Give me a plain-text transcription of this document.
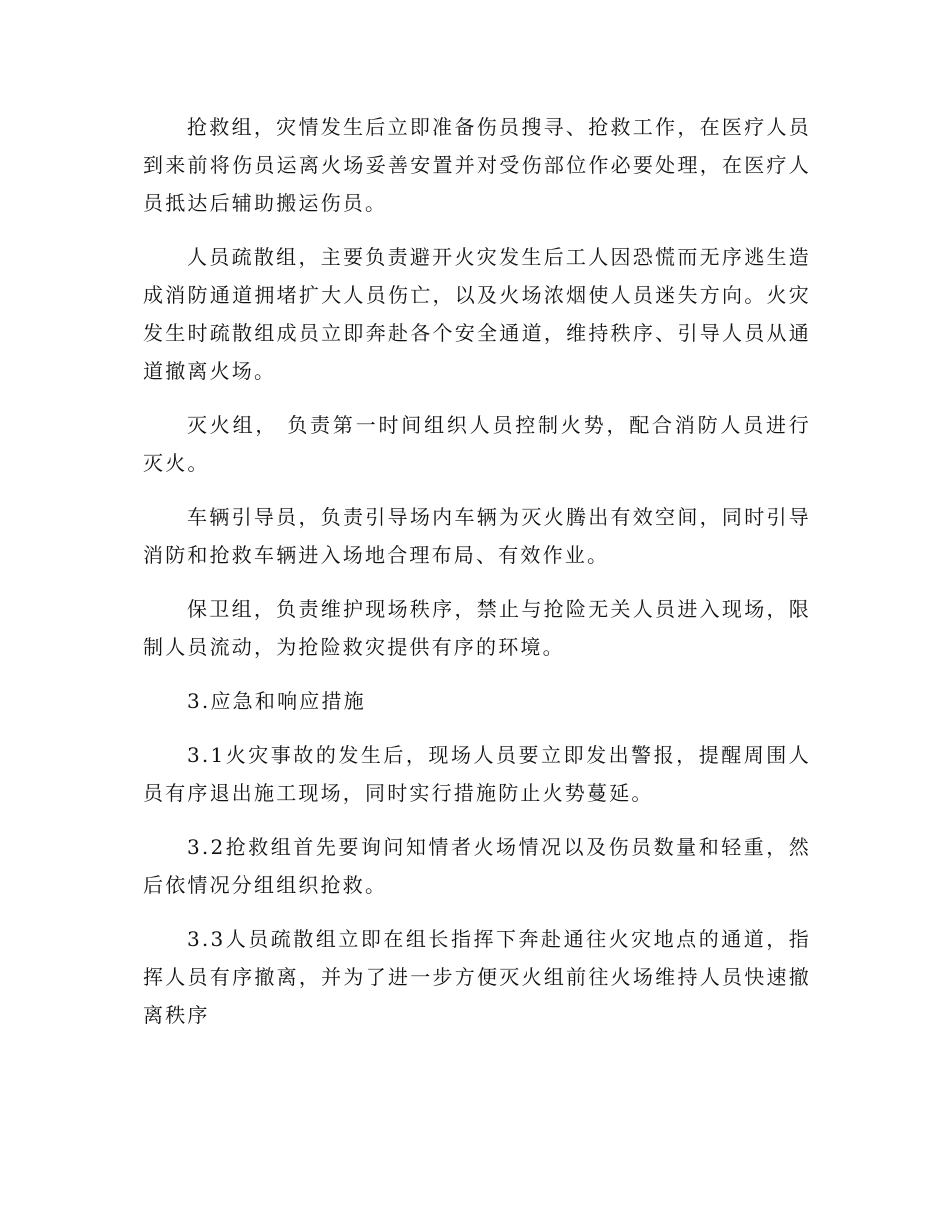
抢救组，灾情发生后立即准备伤员搜寻、抢救工作，在医疗人员到来前将伤员运离火场妥善安置并对受伤部位作必要处理，在医疗人员抵达后辅助搬运伤员。

人员疏散组，主要负责避开火灾发生后工人因恐慌而无序逃生造成消防通道拥堵扩大人员伤亡，以及火场浓烟使人员迷失方向。火灾发生时疏散组成员立即奔赴各个安全通道，维持秩序、引导人员从通道撤离火场。

灭火组， 负责第一时间组织人员控制火势，配合消防人员进行灭火。

车辆引导员，负责引导场内车辆为灭火腾出有效空间，同时引导消防和抢救车辆进入场地合理布局、有效作业。

保卫组，负责维护现场秩序，禁止与抢险无关人员进入现场，限制人员流动，为抢险救灾提供有序的环境。

3.应急和响应措施

3.1火灾事故的发生后，现场人员要立即发出警报，提醒周围人员有序退出施工现场，同时实行措施防止火势蔓延。

3.2抢救组首先要询问知情者火场情况以及伤员数量和轻重，然后依情况分组组织抢救。

3.3人员疏散组立即在组长指挥下奔赴通往火灾地点的通道，指挥人员有序撤离，并为了进一步方便灭火组前往火场维持人员快速撤离秩序
